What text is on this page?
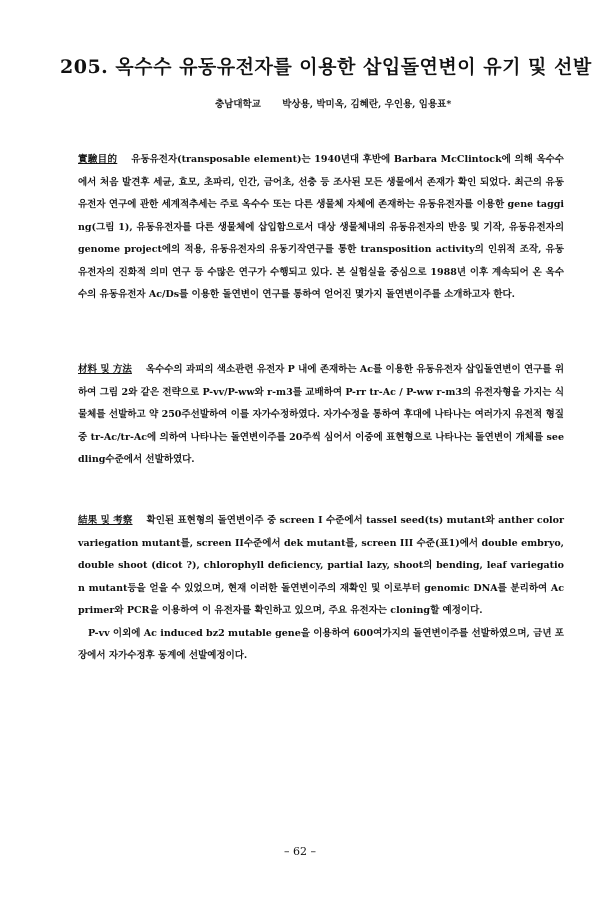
205. 옥수수 유동유전자를 이용한 삽입돌연변이 유기 및 선발
충남대학교 박상용, 박미옥, 김혜란, 우인용, 임용표*
實驗目的 유동유전자(transposable element)는 1940년대 후반에 Barbara McClintock에 의해 옥수수에서 처음 발견후 세균, 효모, 초파리, 인간, 금어초, 선충 등 조사된 모든 생물에서 존재가 확인 되었다. 최근의 유동유전자 연구에 관한 세계적추세는 주로 옥수수 또는 다른 생물체 자체에 존재하는 유동유전자를 이용한 gene tagging(그림 1), 유동유전자를 다른 생물체에 삽입함으로서 대상 생물체내의 유동유전자의 반응 및 기작, 유동유전자의 genome project에의 적용, 유동유전자의 유동기작연구를 통한 transposition activity의 인위적 조작, 유동유전자의 진화적 의미 연구 등 수많은 연구가 수행되고 있다. 본 실험실을 중심으로 1988년 이후 계속되어 온 옥수수의 유동유전자 Ac/Ds를 이용한 돌연변이 연구를 통하여 얻어진 몇가지 돌연변이주를 소개하고자 한다.
材料 및 方法 옥수수의 과피의 색소관련 유전자 P 내에 존재하는 Ac를 이용한 유동유전자 삽입돌연변이 연구를 위하여 그림 2와 같은 전략으로 P-vv/P-ww와 r-m3를 교배하여 P-rr tr-Ac / P-ww r-m3의 유전자형을 가지는 식물체를 선발하고 약 250주선발하여 이를 자가수정하였다. 자가수정을 통하여 후대에 나타나는 여러가지 유전적 형질중 tr-Ac/tr-Ac에 의하여 나타나는 돌연변이주를 20주씩 심어서 이중에 표현형으로 나타나는 돌연변이 개체를 seedling수준에서 선발하였다.
結果 및 考察 확인된 표현형의 돌연변이주 중 screen I 수준에서 tassel seed(ts) mutant와 anther color variegation mutant를, screen II수준에서 dek mutant를, screen III 수준(표1)에서 double embryo, double shoot (dicot ?), chlorophyll deficiency, partial lazy, shoot의 bending, leaf variegation mutant등을 얻을 수 있었으며, 현재 이러한 돌연변이주의 재확인 및 이로부터 genomic DNA를 분리하여 Ac primer와 PCR을 이용하여 이 유전자를 확인하고 있으며, 주요 유전자는 cloning할 예정이다.
P-vv 이외에 Ac induced bz2 mutable gene을 이용하여 600여가지의 돌연변이주를 선발하였으며, 금년 포장에서 자가수정후 동계에 선발예정이다.
– 62 –
